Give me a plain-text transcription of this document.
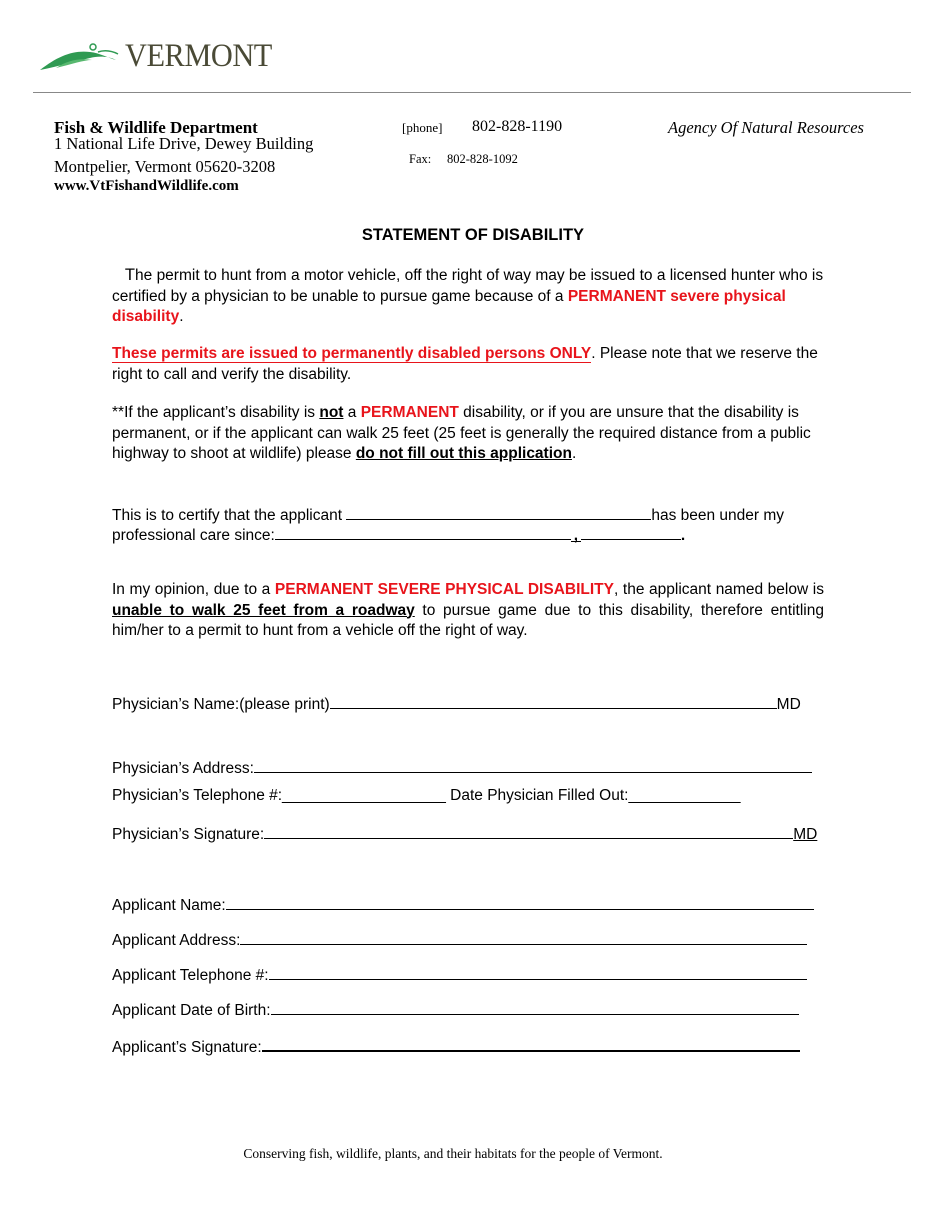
VERMONT
Fish & Wildlife Department
1 National Life Drive, Dewey Building
Montpelier, Vermont 05620-3208
www.VtFishandWildlife.com
[phone] 802-828-1190
Fax: 802-828-1092
Agency Of Natural Resources
STATEMENT OF DISABILITY
The permit to hunt from a motor vehicle, off the right of way may be issued to a licensed hunter who is certified by a physician to be unable to pursue game because of a PERMANENT severe physical disability.
These permits are issued to permanently disabled persons ONLY. Please note that we reserve the right to call and verify the disability.
**If the applicant’s disability is not a PERMANENT disability, or if you are unsure that the disability is permanent, or if the applicant can walk 25 feet (25 feet is generally the required distance from a public highway to shoot at wildlife) please do not fill out this application.
This is to certify that the applicant	has been under my
professional care since:	,	.
In my opinion, due to a PERMANENT SEVERE PHYSICAL DISABILITY, the applicant named below is unable to walk 25 feet from a roadway to pursue game due to this disability, therefore entitling him/her to a permit to hunt from a vehicle off the right of way.
Physician’s Name:(please print)	MD
Physician’s Address:
Physician’s Telephone #:___________________ Date Physician Filled Out:_____________
Physician’s Signature:	MD
Applicant Name:
Applicant Address:
Applicant Telephone #:
Applicant Date of Birth:
Applicant’s Signature:
Conserving fish, wildlife, plants, and their habitats for the people of Vermont.
